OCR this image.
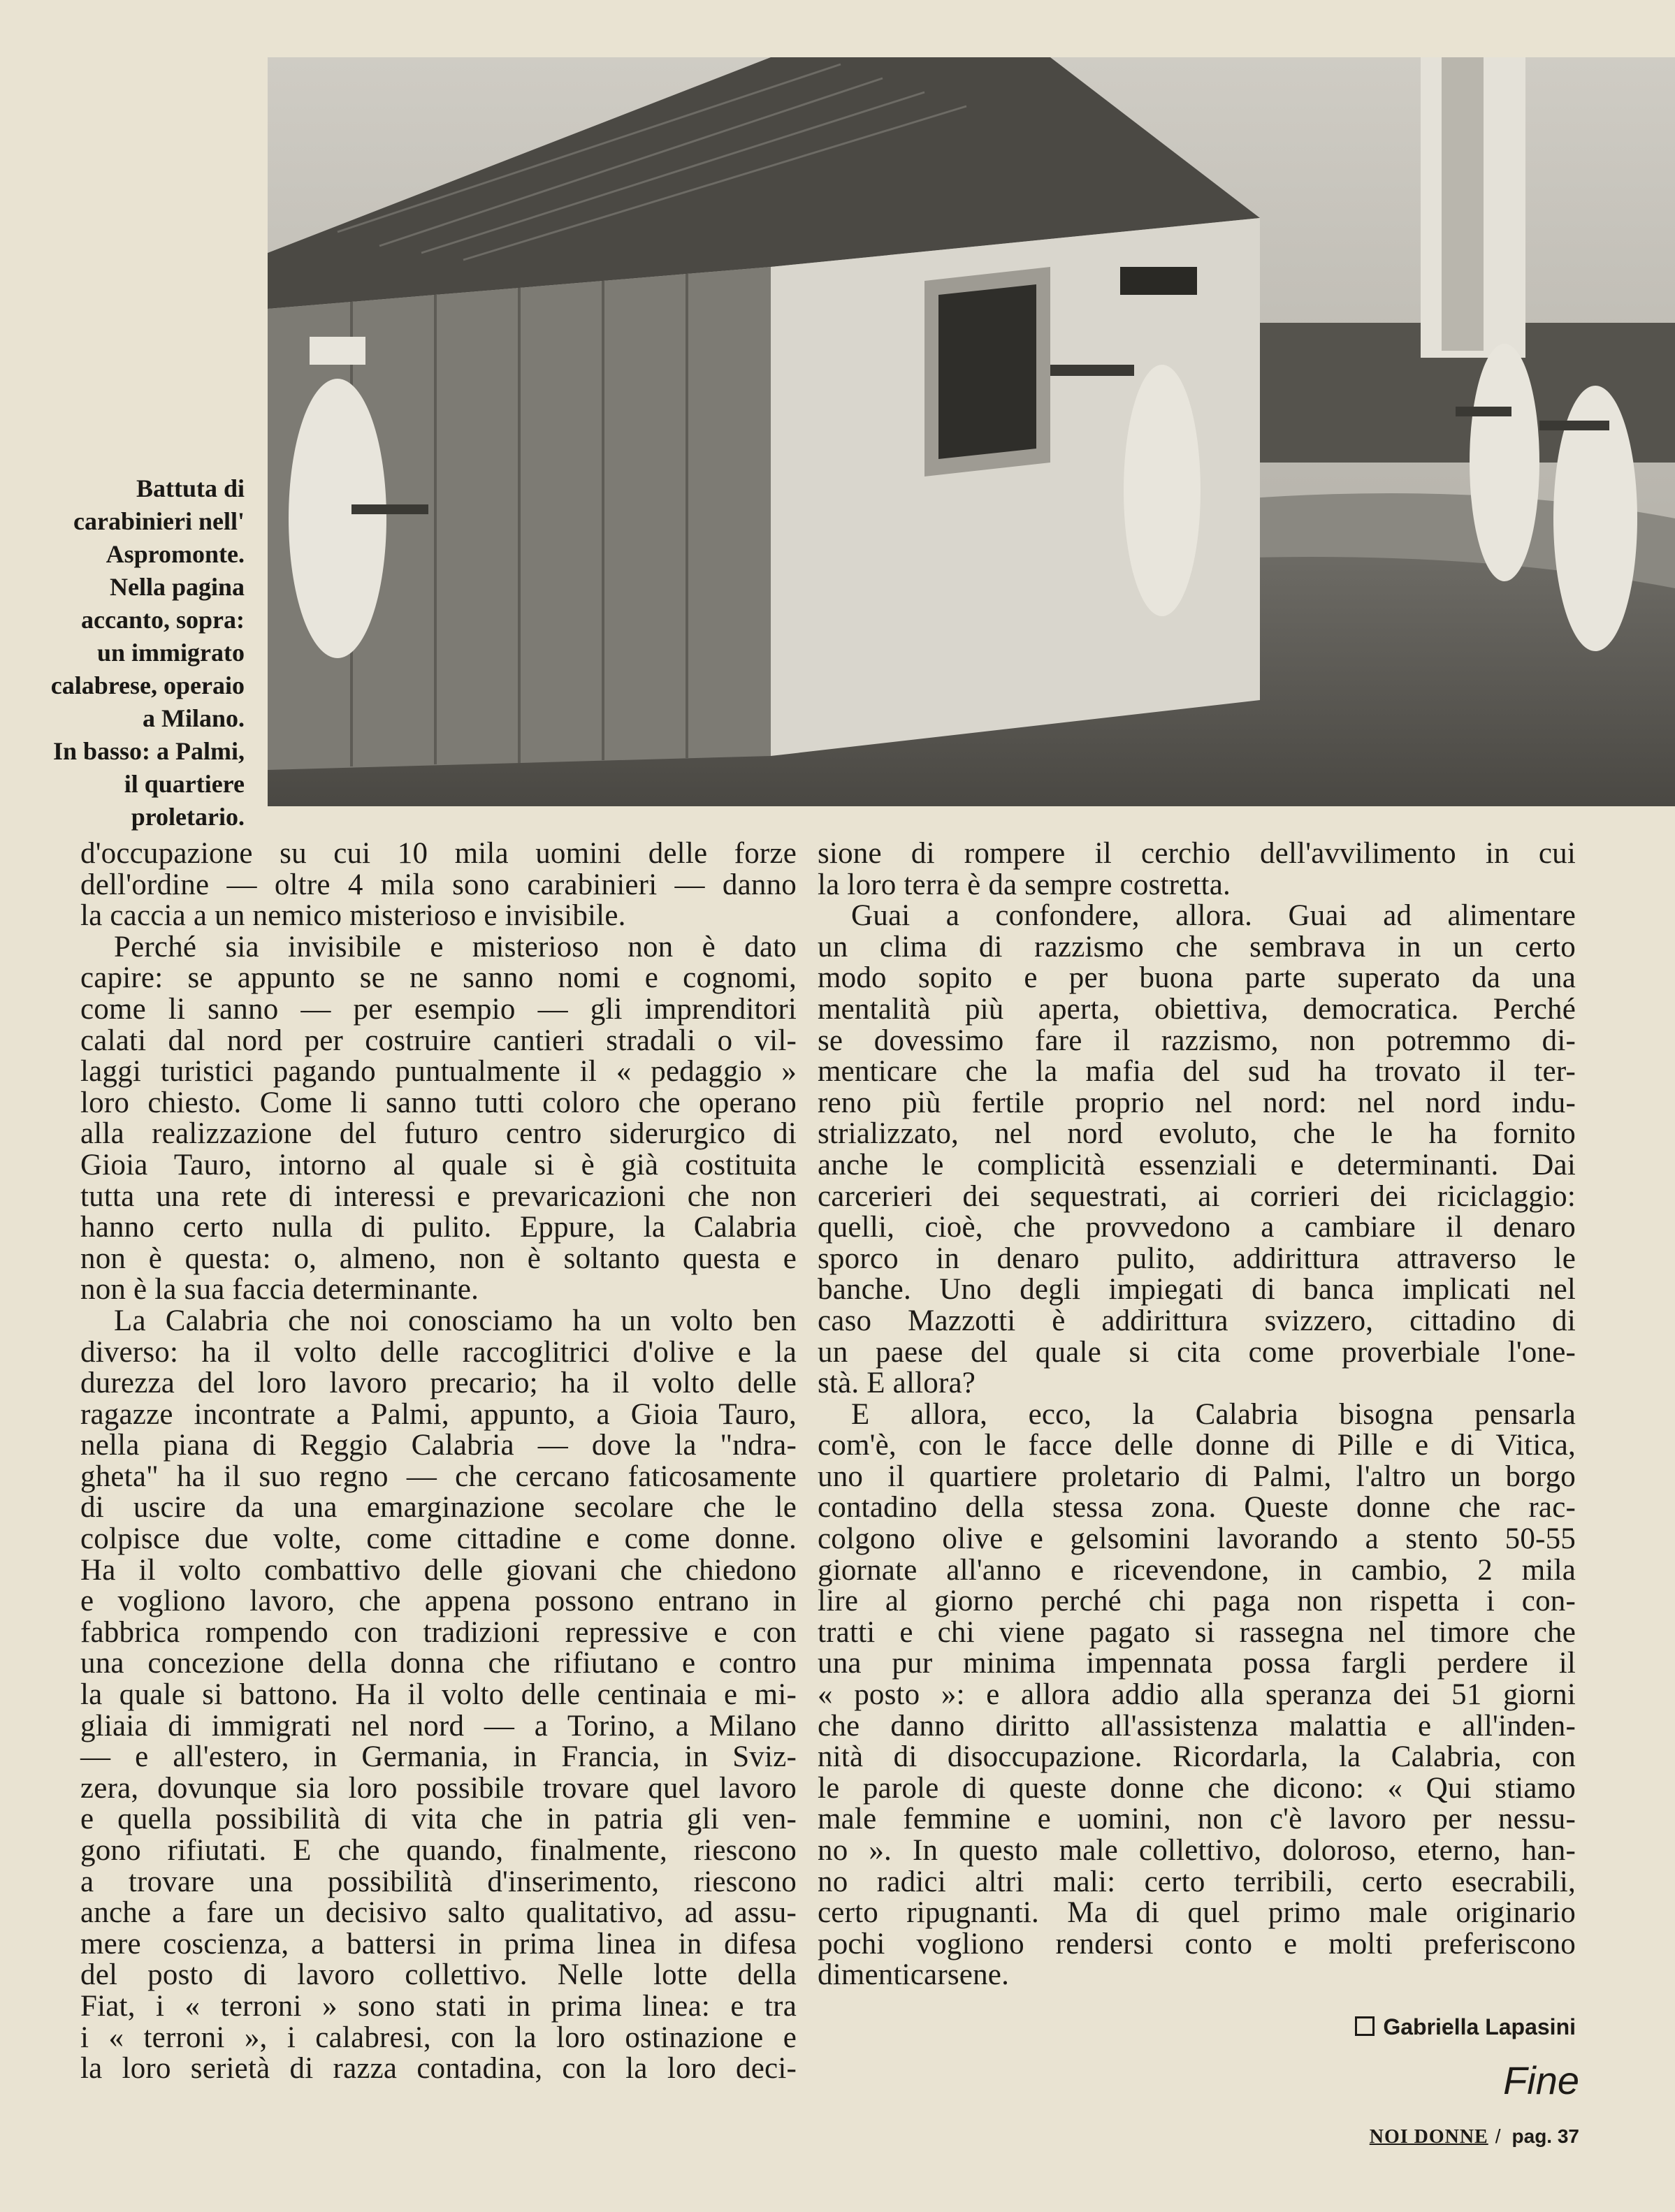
Battuta di
carabinieri nell'
Aspromonte.
Nella pagina
accanto, sopra:
un immigrato
calabrese, operaio
a Milano.
In basso: a Palmi,
il quartiere
proletario.
d'occupazione su cui 10 mila uomini delle forze
dell'ordine — oltre 4 mila sono carabinieri — danno
la caccia a un nemico misterioso e invisibile.
Perché sia invisibile e misterioso non è dato
capire: se appunto se ne sanno nomi e cognomi,
come li sanno — per esempio — gli imprenditori
calati dal nord per costruire cantieri stradali o vil-
laggi turistici pagando puntualmente il « pedaggio »
loro chiesto. Come li sanno tutti coloro che operano
alla realizzazione del futuro centro siderurgico di
Gioia Tauro, intorno al quale si è già costituita
tutta una rete di interessi e prevaricazioni che non
hanno certo nulla di pulito. Eppure, la Calabria
non è questa: o, almeno, non è soltanto questa e
non è la sua faccia determinante.
La Calabria che noi conosciamo ha un volto ben
diverso: ha il volto delle raccoglitrici d'olive e la
durezza del loro lavoro precario; ha il volto delle
ragazze incontrate a Palmi, appunto, a Gioia Tauro,
nella piana di Reggio Calabria — dove la "ndra-
gheta" ha il suo regno — che cercano faticosamente
di uscire da una emarginazione secolare che le
colpisce due volte, come cittadine e come donne.
Ha il volto combattivo delle giovani che chiedono
e vogliono lavoro, che appena possono entrano in
fabbrica rompendo con tradizioni repressive e con
una concezione della donna che rifiutano e contro
la quale si battono. Ha il volto delle centinaia e mi-
gliaia di immigrati nel nord — a Torino, a Milano
— e all'estero, in Germania, in Francia, in Sviz-
zera, dovunque sia loro possibile trovare quel lavoro
e quella possibilità di vita che in patria gli ven-
gono rifiutati. E che quando, finalmente, riescono
a trovare una possibilità d'inserimento, riescono
anche a fare un decisivo salto qualitativo, ad assu-
mere coscienza, a battersi in prima linea in difesa
del posto di lavoro collettivo. Nelle lotte della
Fiat, i « terroni » sono stati in prima linea: e tra
i « terroni », i calabresi, con la loro ostinazione e
la loro serietà di razza contadina, con la loro deci-
sione di rompere il cerchio dell'avvilimento in cui
la loro terra è da sempre costretta.
Guai a confondere, allora. Guai ad alimentare
un clima di razzismo che sembrava in un certo
modo sopito e per buona parte superato da una
mentalità più aperta, obiettiva, democratica. Perché
se dovessimo fare il razzismo, non potremmo di-
menticare che la mafia del sud ha trovato il ter-
reno più fertile proprio nel nord: nel nord indu-
strializzato, nel nord evoluto, che le ha fornito
anche le complicità essenziali e determinanti. Dai
carcerieri dei sequestrati, ai corrieri dei riciclaggio:
quelli, cioè, che provvedono a cambiare il denaro
sporco in denaro pulito, addirittura attraverso le
banche. Uno degli impiegati di banca implicati nel
caso Mazzotti è addirittura svizzero, cittadino di
un paese del quale si cita come proverbiale l'one-
stà. E allora?
E allora, ecco, la Calabria bisogna pensarla
com'è, con le facce delle donne di Pille e di Vitica,
uno il quartiere proletario di Palmi, l'altro un borgo
contadino della stessa zona. Queste donne che rac-
colgono olive e gelsomini lavorando a stento 50-55
giornate all'anno e ricevendone, in cambio, 2 mila
lire al giorno perché chi paga non rispetta i con-
tratti e chi viene pagato si rassegna nel timore che
una pur minima impennata possa fargli perdere il
« posto »: e allora addio alla speranza dei 51 giorni
che danno diritto all'assistenza malattia e all'inden-
nità di disoccupazione. Ricordarla, la Calabria, con
le parole di queste donne che dicono: « Qui stiamo
male femmine e uomini, non c'è lavoro per nessu-
no ». In questo male collettivo, doloroso, eterno, han-
no radici altri mali: certo terribili, certo esecrabili,
certo ripugnanti. Ma di quel primo male originario
pochi vogliono rendersi conto e molti preferiscono
dimenticarsene.
Gabriella Lapasini
Fine
NOI DONNE / pag. 37
